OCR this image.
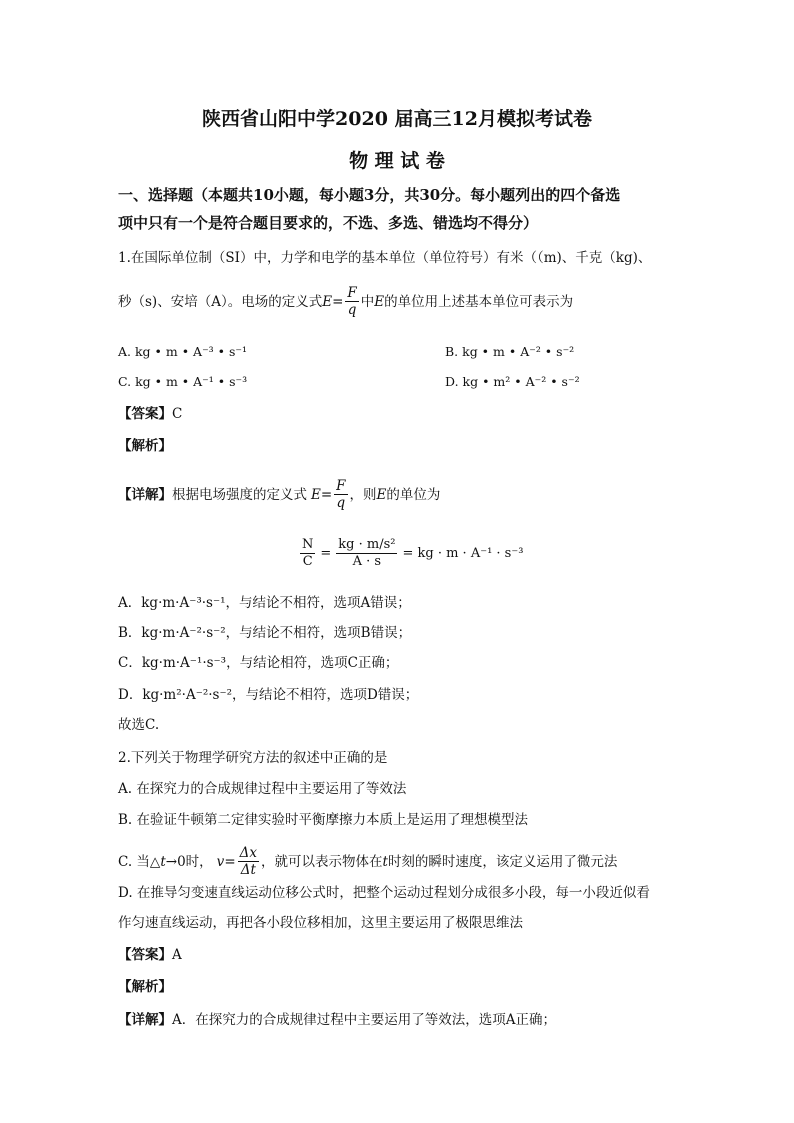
陕西省山阳中学2020 届高三12月模拟考试卷
物 理 试 卷
一、选择题（本题共10小题，每小题3分，共30分。每小题列出的四个备选
项中只有一个是符合题目要求的，不选、多选、错选均不得分）
1.在国际单位制（SI）中，力学和电学的基本单位（单位符号）有米（（m)、千克（kg)、
秒（s)、安培（A）。电场的定义式 $E = \frac{F}{q}$ 中 E 的单位用上述基本单位可表示为
A. kg • m • A⁻³ • s⁻¹	B. kg • m • A⁻² • s⁻²
C. kg • m • A⁻¹ • s⁻³	D. kg • m² • A⁻² • s⁻²
【答案】C
【解析】
【详解】 根据电场强度的定义式 $E = \frac{F}{q}$ ，则 E 的单位为
$\frac{N}{C} = \frac{\text{kg · m/s²}}{A \cdot s}$ = kg · m · A⁻¹ · s⁻³
A．kg·m·A⁻³·s⁻¹，与结论不相符，选项A错误；
B．kg·m·A⁻²·s⁻²，与结论不相符，选项B错误；
C．kg·m·A⁻¹·s⁻³，与结论相符，选项C正确；
D．kg·m²·A⁻²·s⁻²，与结论不相符，选项D错误；
故选C.
2.下列关于物理学研究方法的叙述中正确的是
A. 在探究力的合成规律过程中主要运用了等效法
B. 在验证牛顿第二定律实验时平衡摩擦力本质上是运用了理想模型法
C. 当△ t →0时， $v = \frac{\Delta x}{\Delta t}$ ，就可以表示物体在 t 时刻的瞬时速度，该定义运用了微元法
D. 在推导匀变速直线运动位移公式时，把整个运动过程划分成很多小段，每一小段近似看
作匀速直线运动，再把各小段位移相加，这里主要运用了极限思维法
【答案】A
【解析】
【详解】A．在探究力的合成规律过程中主要运用了等效法，选项A正确；
